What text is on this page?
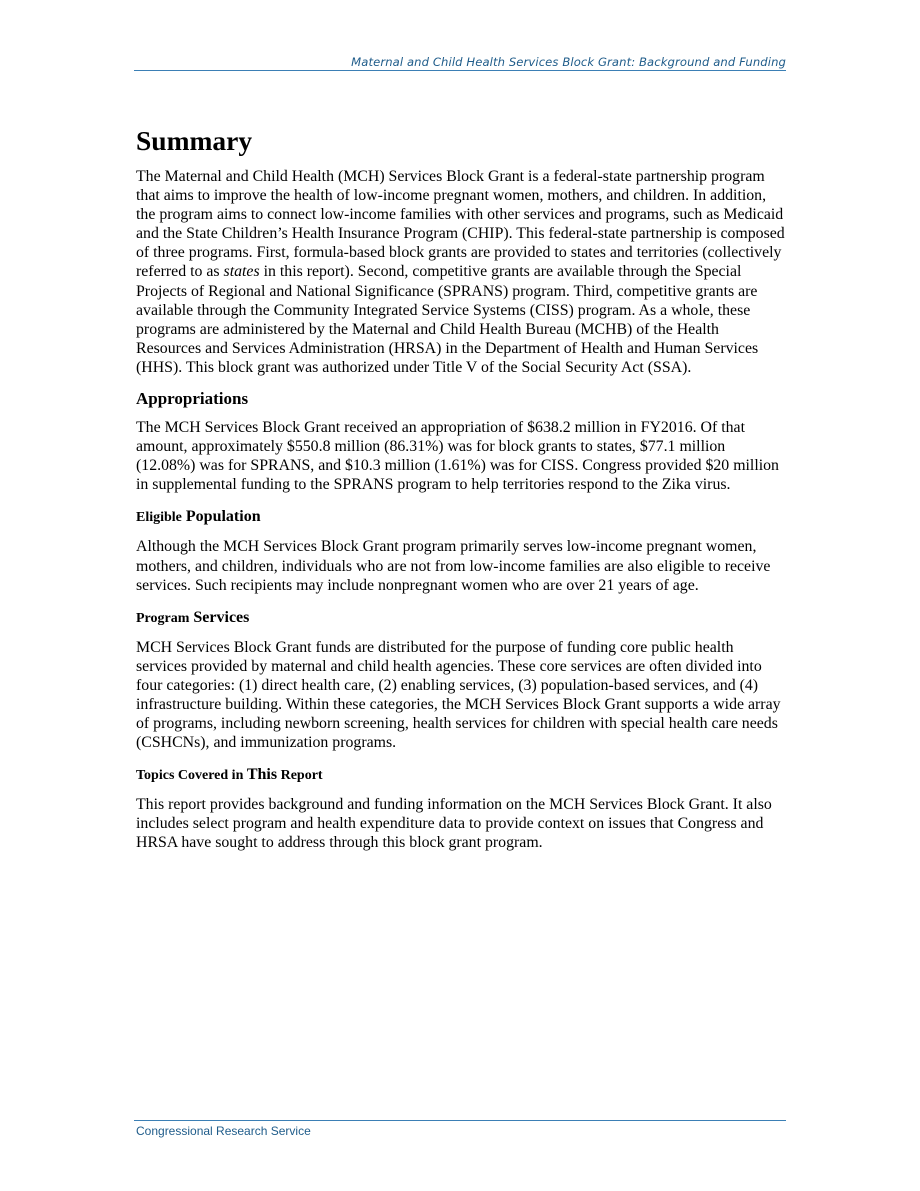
Maternal and Child Health Services Block Grant: Background and Funding
Summary

The Maternal and Child Health (MCH) Services Block Grant is a federal-state partnership program that aims to improve the health of low-income pregnant women, mothers, and children. In addition, the program aims to connect low-income families with other services and programs, such as Medicaid and the State Children’s Health Insurance Program (CHIP). This federal-state partnership is composed of three programs. First, formula-based block grants are provided to states and territories (collectively referred to as states in this report). Second, competitive grants are available through the Special Projects of Regional and National Significance (SPRANS) program. Third, competitive grants are available through the Community Integrated Service Systems (CISS) program. As a whole, these programs are administered by the Maternal and Child Health Bureau (MCHB) of the Health Resources and Services Administration (HRSA) in the Department of Health and Human Services (HHS). This block grant was authorized under Title V of the Social Security Act (SSA).

Appropriations

The MCH Services Block Grant received an appropriation of $638.2 million in FY2016. Of that amount, approximately $550.8 million (86.31%) was for block grants to states, $77.1 million (12.08%) was for SPRANS, and $10.3 million (1.61%) was for CISS. Congress provided $20 million in supplemental funding to the SPRANS program to help territories respond to the Zika virus.

Eligible Population

Although the MCH Services Block Grant program primarily serves low-income pregnant women, mothers, and children, individuals who are not from low-income families are also eligible to receive services. Such recipients may include nonpregnant women who are over 21 years of age.

Program Services

MCH Services Block Grant funds are distributed for the purpose of funding core public health services provided by maternal and child health agencies. These core services are often divided into four categories: (1) direct health care, (2) enabling services, (3) population-based services, and (4) infrastructure building. Within these categories, the MCH Services Block Grant supports a wide array of programs, including newborn screening, health services for children with special health care needs (CSHCNs), and immunization programs.

Topics Covered in This Report

This report provides background and funding information on the MCH Services Block Grant. It also includes select program and health expenditure data to provide context on issues that Congress and HRSA have sought to address through this block grant program.

Congressional Research Service
